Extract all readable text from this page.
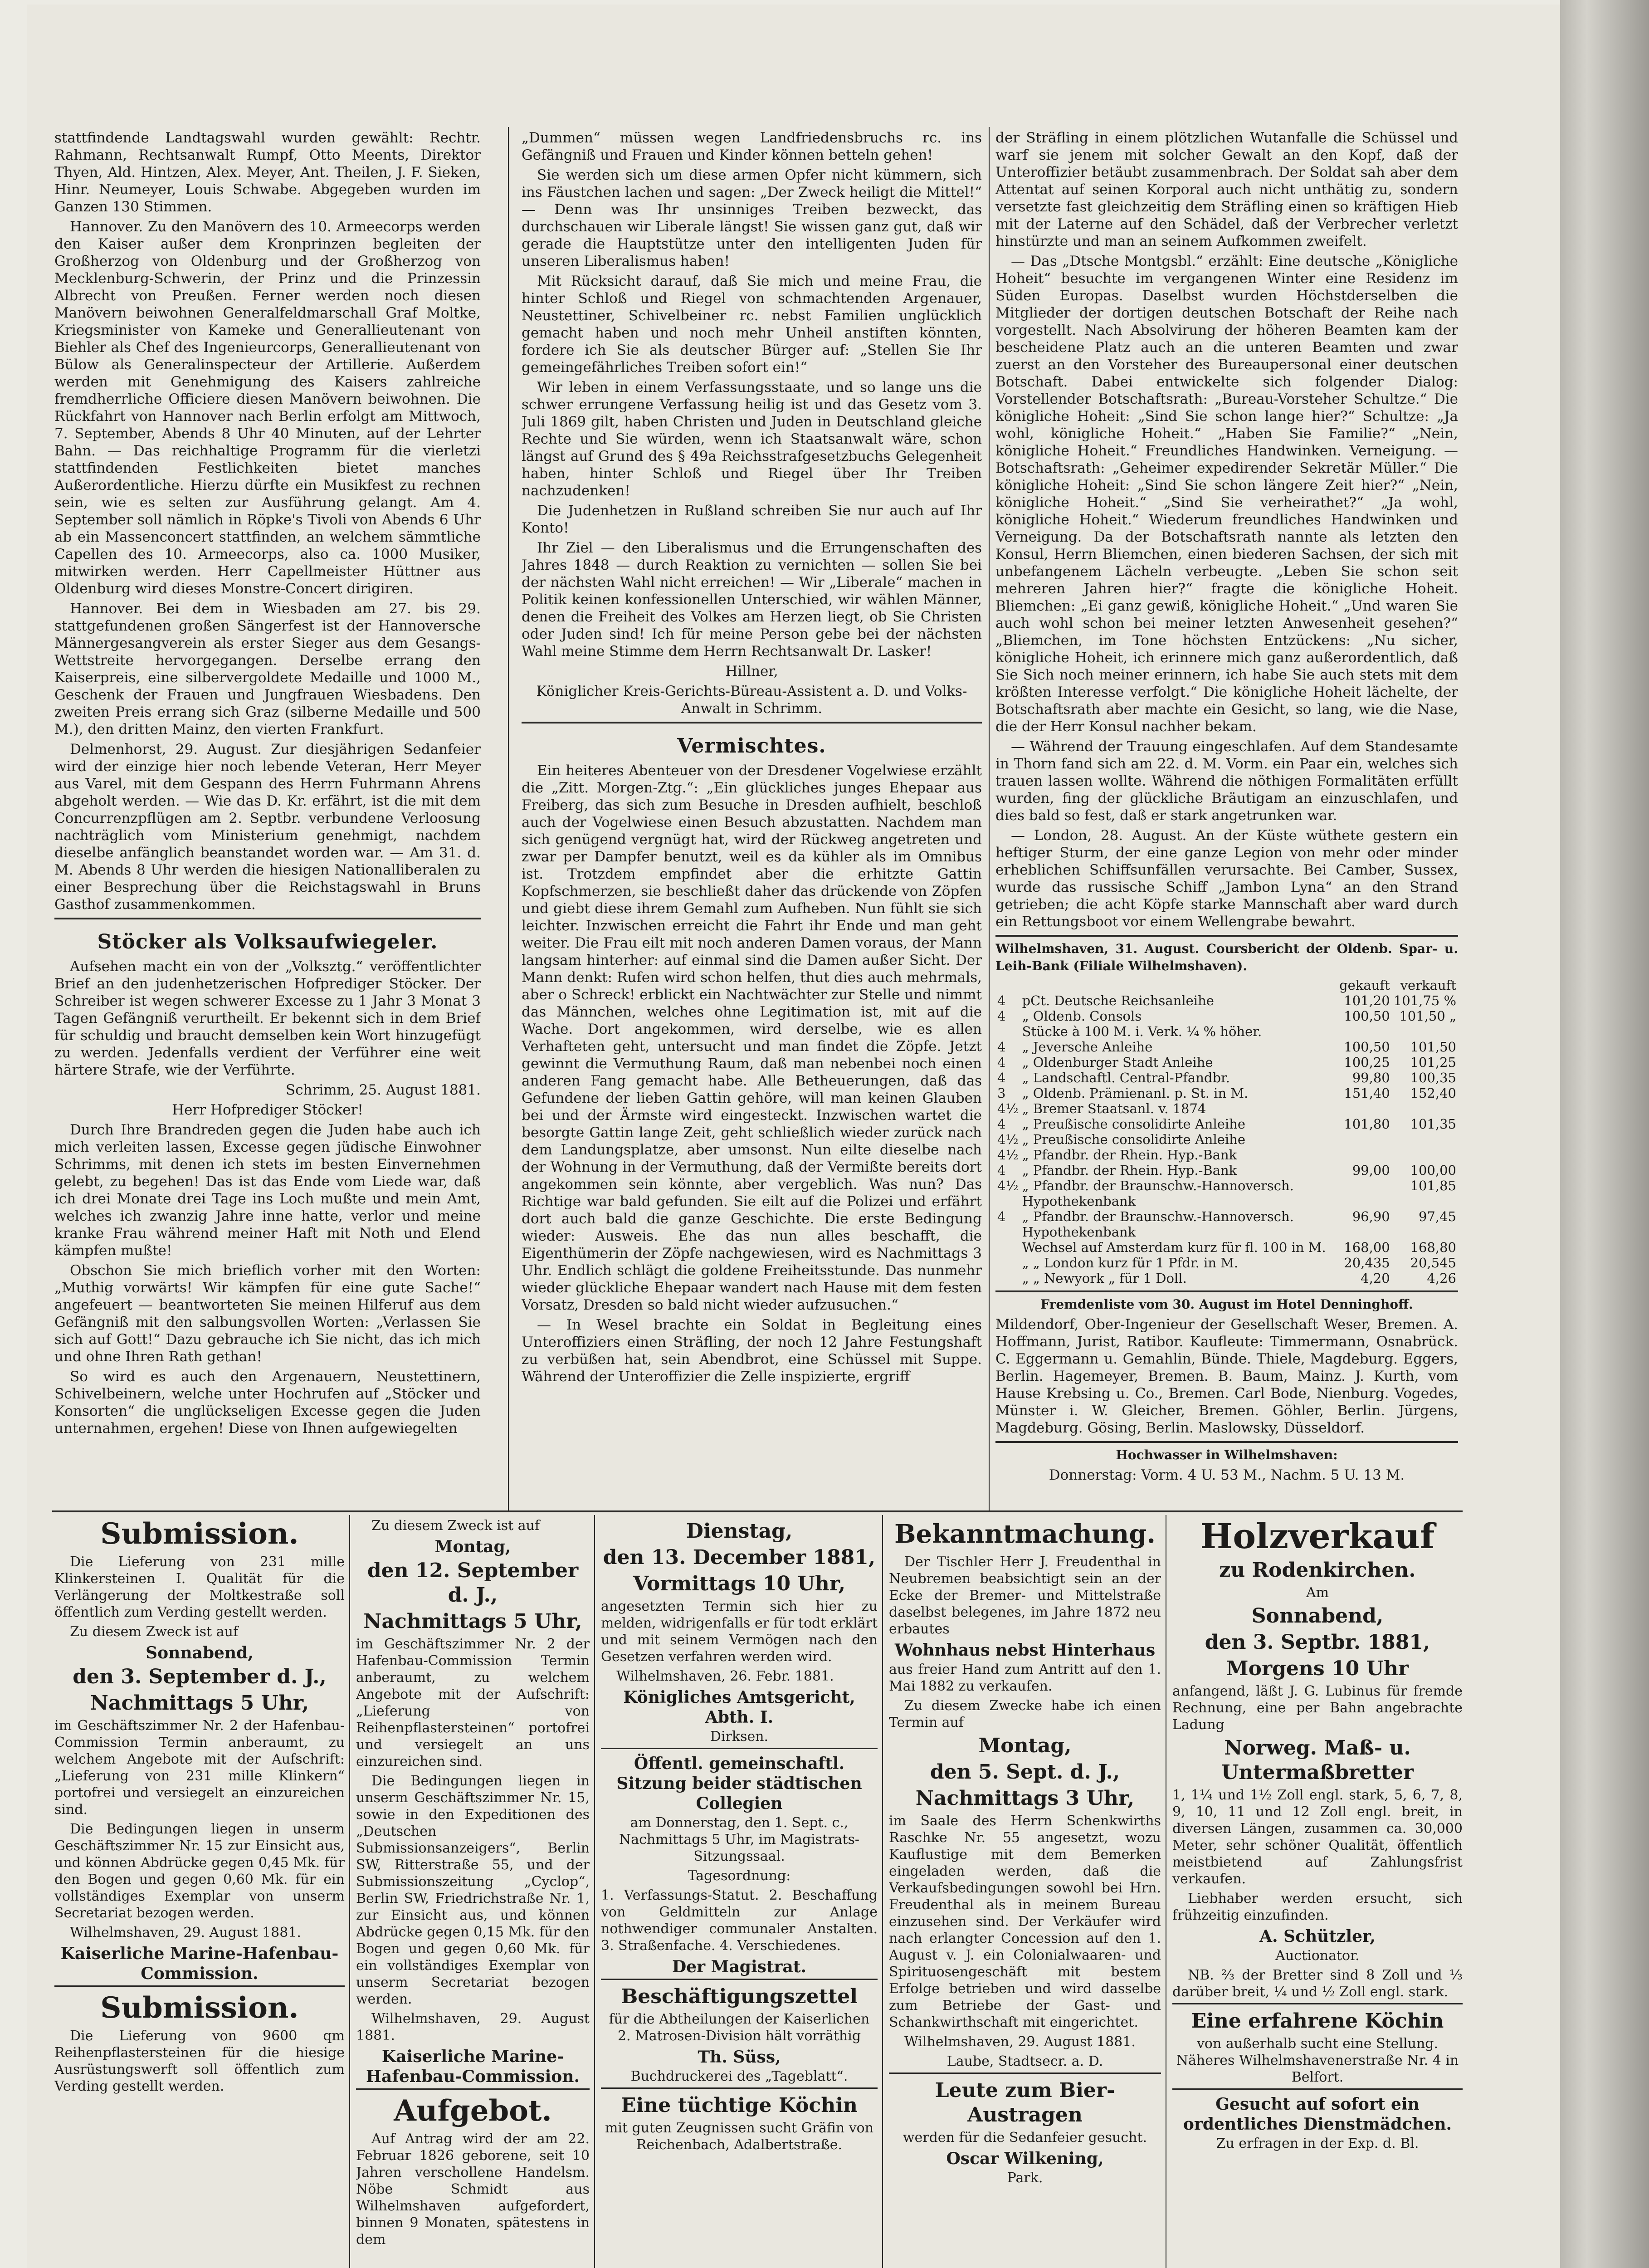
stattfindende Landtagswahl wurden gewählt: Rechtr. Rahmann, Rechtsanwalt Rumpf, Otto Meents, Direktor Thyen, Ald. Hintzen, Alex. Meyer, Ant. Theilen, J. F. Sieken, Hinr. Neumeyer, Louis Schwabe. Abgegeben wurden im Ganzen 130 Stimmen.

Hannover. Zu den Manövern des 10. Armeecorps werden den Kaiser außer dem Kronprinzen begleiten der Großherzog von Oldenburg und der Großherzog von Mecklenburg-Schwerin, der Prinz und die Prinzessin Albrecht von Preußen. Ferner werden noch diesen Manövern beiwohnen Generalfeldmarschall Graf Moltke, Kriegsminister von Kameke und Generallieutenant von Biehler als Chef des Ingenieurcorps, Generallieutenant von Bülow als Generalinspecteur der Artillerie. Außerdem werden mit Genehmigung des Kaisers zahlreiche fremdherrliche Officiere diesen Manövern beiwohnen. Die Rückfahrt von Hannover nach Berlin erfolgt am Mittwoch, 7. September, Abends 8 Uhr 40 Minuten, auf der Lehrter Bahn. — Das reichhaltige Programm für die vierletzi stattfindenden Festlichkeiten bietet manches Außerordentliche. Hierzu dürfte ein Musikfest zu rechnen sein, wie es selten zur Ausführung gelangt. Am 4. September soll nämlich in Röpke's Tivoli von Abends 6 Uhr ab ein Massenconcert stattfinden, an welchem sämmtliche Capellen des 10. Armeecorps, also ca. 1000 Musiker, mitwirken werden. Herr Capellmeister Hüttner aus Oldenburg wird dieses Monstre-Concert dirigiren.

Hannover. Bei dem in Wiesbaden am 27. bis 29. stattgefundenen großen Sängerfest ist der Hannoversche Männergesangverein als erster Sieger aus dem Gesangs-Wettstreite hervorgegangen. Derselbe errang den Kaiserpreis, eine silbervergoldete Medaille und 1000 M., Geschenk der Frauen und Jungfrauen Wiesbadens. Den zweiten Preis errang sich Graz (silberne Medaille und 500 M.), den dritten Mainz, den vierten Frankfurt.

Delmenhorst, 29. August. Zur diesjährigen Sedanfeier wird der einzige hier noch lebende Veteran, Herr Meyer aus Varel, mit dem Gespann des Herrn Fuhrmann Ahrens abgeholt werden. — Wie das D. Kr. erfährt, ist die mit dem Concurrenzpflügen am 2. Septbr. verbundene Verloosung nachträglich vom Ministerium genehmigt, nachdem dieselbe anfänglich beanstandet worden war. — Am 31. d. M. Abends 8 Uhr werden die hiesigen Nationalliberalen zu einer Besprechung über die Reichstagswahl in Bruns Gasthof zusammenkommen.

Stöcker als Volksaufwiegeler.

Aufsehen macht ein von der „Volksztg.“ veröffentlichter Brief an den judenhetzerischen Hofprediger Stöcker. Der Schreiber ist wegen schwerer Excesse zu 1 Jahr 3 Monat 3 Tagen Gefängniß verurtheilt. Er bekennt sich in dem Brief für schuldig und braucht demselben kein Wort hinzugefügt zu werden. Jedenfalls verdient der Verführer eine weit härtere Strafe, wie der Verführte.

Schrimm, 25. August 1881.

Herr Hofprediger Stöcker!

Durch Ihre Brandreden gegen die Juden habe auch ich mich verleiten lassen, Excesse gegen jüdische Einwohner Schrimms, mit denen ich stets im besten Einvernehmen gelebt, zu begehen! Das ist das Ende vom Liede war, daß ich drei Monate drei Tage ins Loch mußte und mein Amt, welches ich zwanzig Jahre inne hatte, verlor und meine kranke Frau während meiner Haft mit Noth und Elend kämpfen mußte!

Obschon Sie mich brieflich vorher mit den Worten: „Muthig vorwärts! Wir kämpfen für eine gute Sache!“ angefeuert — beantworteten Sie meinen Hilferuf aus dem Gefängniß mit den salbungsvollen Worten: „Verlassen Sie sich auf Gott!“ Dazu gebrauche ich Sie nicht, das ich mich und ohne Ihren Rath gethan!

So wird es auch den Argenauern, Neustettinern, Schivelbeinern, welche unter Hochrufen auf „Stöcker und Konsorten“ die unglückseligen Excesse gegen die Juden unternahmen, ergehen! Diese von Ihnen aufgewiegelten

„Dummen“ müssen wegen Landfriedensbruchs rc. ins Gefängniß und Frauen und Kinder können betteln gehen!

Sie werden sich um diese armen Opfer nicht kümmern, sich ins Fäustchen lachen und sagen: „Der Zweck heiligt die Mittel!“ — Denn was Ihr unsinniges Treiben bezweckt, das durchschauen wir Liberale längst! Sie wissen ganz gut, daß wir gerade die Hauptstütze unter den intelligenten Juden für unseren Liberalismus haben!

Mit Rücksicht darauf, daß Sie mich und meine Frau, die hinter Schloß und Riegel von schmachtenden Argenauer, Neustettiner, Schivelbeiner rc. nebst Familien unglücklich gemacht haben und noch mehr Unheil anstiften könnten, fordere ich Sie als deutscher Bürger auf: „Stellen Sie Ihr gemeingefährliches Treiben sofort ein!“

Wir leben in einem Verfassungsstaate, und so lange uns die schwer errungene Verfassung heilig ist und das Gesetz vom 3. Juli 1869 gilt, haben Christen und Juden in Deutschland gleiche Rechte und Sie würden, wenn ich Staatsanwalt wäre, schon längst auf Grund des § 49a Reichsstrafgesetzbuchs Gelegenheit haben, hinter Schloß und Riegel über Ihr Treiben nachzudenken!

Die Judenhetzen in Rußland schreiben Sie nur auch auf Ihr Konto!

Ihr Ziel — den Liberalismus und die Errungenschaften des Jahres 1848 — durch Reaktion zu vernichten — sollen Sie bei der nächsten Wahl nicht erreichen! — Wir „Liberale“ machen in Politik keinen konfessionellen Unterschied, wir wählen Männer, denen die Freiheit des Volkes am Herzen liegt, ob Sie Christen oder Juden sind! Ich für meine Person gebe bei der nächsten Wahl meine Stimme dem Herrn Rechtsanwalt Dr. Lasker!

Hillner,

Königlicher Kreis-Gerichts-Büreau-Assistent a. D. und Volks-Anwalt in Schrimm.

Vermischtes.

Ein heiteres Abenteuer von der Dresdener Vogelwiese erzählt die „Zitt. Morgen-Ztg.“: „Ein glückliches junges Ehepaar aus Freiberg, das sich zum Besuche in Dresden aufhielt, beschloß auch der Vogelwiese einen Besuch abzustatten. Nachdem man sich genügend vergnügt hat, wird der Rückweg angetreten und zwar per Dampfer benutzt, weil es da kühler als im Omnibus ist. Trotzdem empfindet aber die erhitzte Gattin Kopfschmerzen, sie beschließt daher das drückende von Zöpfen und giebt diese ihrem Gemahl zum Aufheben. Nun fühlt sie sich leichter. Inzwischen erreicht die Fahrt ihr Ende und man geht weiter. Die Frau eilt mit noch anderen Damen voraus, der Mann langsam hinterher: auf einmal sind die Damen außer Sicht. Der Mann denkt: Rufen wird schon helfen, thut dies auch mehrmals, aber o Schreck! erblickt ein Nachtwächter zur Stelle und nimmt das Männchen, welches ohne Legitimation ist, mit auf die Wache. Dort angekommen, wird derselbe, wie es allen Verhafteten geht, untersucht und man findet die Zöpfe. Jetzt gewinnt die Vermuthung Raum, daß man nebenbei noch einen anderen Fang gemacht habe. Alle Betheuerungen, daß das Gefundene der lieben Gattin gehöre, will man keinen Glauben bei und der Ärmste wird eingesteckt. Inzwischen wartet die besorgte Gattin lange Zeit, geht schließlich wieder zurück nach dem Landungsplatze, aber umsonst. Nun eilte dieselbe nach der Wohnung in der Vermuthung, daß der Vermißte bereits dort angekommen sein könnte, aber vergeblich. Was nun? Das Richtige war bald gefunden. Sie eilt auf die Polizei und erfährt dort auch bald die ganze Geschichte. Die erste Bedingung wieder: Ausweis. Ehe das nun alles beschafft, die Eigenthümerin der Zöpfe nachgewiesen, wird es Nachmittags 3 Uhr. Endlich schlägt die goldene Freiheitsstunde. Das nunmehr wieder glückliche Ehepaar wandert nach Hause mit dem festen Vorsatz, Dresden so bald nicht wieder aufzusuchen.“

— In Wesel brachte ein Soldat in Begleitung eines Unteroffiziers einen Sträfling, der noch 12 Jahre Festungshaft zu verbüßen hat, sein Abendbrot, eine Schüssel mit Suppe. Während der Unteroffizier die Zelle inspizierte, ergriff

der Sträfling in einem plötzlichen Wutanfalle die Schüssel und warf sie jenem mit solcher Gewalt an den Kopf, daß der Unteroffizier betäubt zusammenbrach. Der Soldat sah aber dem Attentat auf seinen Korporal auch nicht unthätig zu, sondern versetzte fast gleichzeitig dem Sträfling einen so kräftigen Hieb mit der Laterne auf den Schädel, daß der Verbrecher verletzt hinstürzte und man an seinem Aufkommen zweifelt.

— Das „Dtsche Montgsbl.“ erzählt: Eine deutsche „Königliche Hoheit“ besuchte im vergangenen Winter eine Residenz im Süden Europas. Daselbst wurden Höchstderselben die Mitglieder der dortigen deutschen Botschaft der Reihe nach vorgestellt. Nach Absolvirung der höheren Beamten kam der bescheidene Platz auch an die unteren Beamten und zwar zuerst an den Vorsteher des Bureaupersonal einer deutschen Botschaft. Dabei entwickelte sich folgender Dialog: Vorstellender Botschaftsrath: „Bureau-Vorsteher Schultze.“ Die königliche Hoheit: „Sind Sie schon lange hier?“ Schultze: „Ja wohl, königliche Hoheit.“ „Haben Sie Familie?“ „Nein, königliche Hoheit.“ Freundliches Handwinken. Verneigung. — Botschaftsrath: „Geheimer expedirender Sekretär Müller.“ Die königliche Hoheit: „Sind Sie schon längere Zeit hier?“ „Nein, königliche Hoheit.“ „Sind Sie verheirathet?“ „Ja wohl, königliche Hoheit.“ Wiederum freundliches Handwinken und Verneigung. Da der Botschaftsrath nannte als letzten den Konsul, Herrn Bliemchen, einen biederen Sachsen, der sich mit unbefangenem Lächeln verbeugte. „Leben Sie schon seit mehreren Jahren hier?“ fragte die königliche Hoheit. Bliemchen: „Ei ganz gewiß, königliche Hoheit.“ „Und waren Sie auch wohl schon bei meiner letzten Anwesenheit gesehen?“ „Bliemchen, im Tone höchsten Entzückens: „Nu sicher, königliche Hoheit, ich erinnere mich ganz außerordentlich, daß Sie Sich noch meiner erinnern, ich habe Sie auch stets mit dem krößten Interesse verfolgt.“ Die königliche Hoheit lächelte, der Botschaftsrath aber machte ein Gesicht, so lang, wie die Nase, die der Herr Konsul nachher bekam.

— Während der Trauung eingeschlafen. Auf dem Standesamte in Thorn fand sich am 22. d. M. Vorm. ein Paar ein, welches sich trauen lassen wollte. Während die nöthigen Formalitäten erfüllt wurden, fing der glückliche Bräutigam an einzuschlafen, und dies bald so fest, daß er stark angetrunken war.

— London, 28. August. An der Küste wüthete gestern ein heftiger Sturm, der eine ganze Legion von mehr oder minder erheblichen Schiffsunfällen verursachte. Bei Camber, Sussex, wurde das russische Schiff „Jambon Lyna“ an den Strand getrieben; die acht Köpfe starke Mannschaft aber ward durch ein Rettungsboot vor einem Wellengrabe bewahrt.

Wilhelmshaven, 31. August. Coursbericht der Oldenb. Spar- u. Leih-Bank (Filiale Wilhelmshaven).

		gekauft	verkauft
4	pCt. Deutsche Reichsanleihe	101,20	101,75 %
4	„ Oldenb. Consols	100,50	101,50 „
	Stücke à 100 M. i. Verk. ¼ % höher.		
4	„ Jeversche Anleihe	100,50	101,50
4	„ Oldenburger Stadt Anleihe	100,25	101,25
4	„ Landschaftl. Central-Pfandbr.	99,80	100,35
3	„ Oldenb. Prämienanl. p. St. in M.	151,40	152,40
4½	„ Bremer Staatsanl. v. 1874		
4	„ Preußische consolidirte Anleihe	101,80	101,35
4½	„ Preußische consolidirte Anleihe		
4½	„ Pfandbr. der Rhein. Hyp.-Bank		
4	„ Pfandbr. der Rhein. Hyp.-Bank	99,00	100,00
4½	„ Pfandbr. der Braunschw.-Hannoversch. Hypothekenbank		101,85
4	„ Pfandbr. der Braunschw.-Hannoversch. Hypothekenbank	96,90	97,45
	Wechsel auf Amsterdam kurz für fl. 100 in M.	168,00	168,80
	„ „ London kurz für 1 Pfdr. in M.	20,435	20,545
	„ „ Newyork „ für 1 Doll.	4,20	4,26

Fremdenliste vom 30. August im Hotel Denninghoff.

Mildendorf, Ober-Ingenieur der Gesellschaft Weser, Bremen. A. Hoffmann, Jurist, Ratibor. Kaufleute: Timmermann, Osnabrück. C. Eggermann u. Gemahlin, Bünde. Thiele, Magdeburg. Eggers, Berlin. Hagemeyer, Bremen. B. Baum, Mainz. J. Kurth, vom Hause Krebsing u. Co., Bremen. Carl Bode, Nienburg. Vogedes, Münster i. W. Gleicher, Bremen. Göhler, Berlin. Jürgens, Magdeburg. Gösing, Berlin. Maslowsky, Düsseldorf.

Hochwasser in Wilhelmshaven:

Donnerstag: Vorm. 4 U. 53 M., Nachm. 5 U. 13 M.

Submission.

Die Lieferung von 231 mille Klinkersteinen I. Qualität für die Verlängerung der Moltkestraße soll öffentlich zum Verding gestellt werden.

Zu diesem Zweck ist auf

Sonnabend,
den 3. September d. J.,
Nachmittags 5 Uhr,

im Geschäftszimmer Nr. 2 der Hafenbau-Commission Termin anberaumt, zu welchem Angebote mit der Aufschrift: „Lieferung von 231 mille Klinkern“ portofrei und versiegelt an einzureichen sind.

Die Bedingungen liegen in unserm Geschäftszimmer Nr. 15 zur Einsicht aus, und können Abdrücke gegen 0,45 Mk. für den Bogen und gegen 0,60 Mk. für ein vollständiges Exemplar von unserm Secretariat bezogen werden.

Wilhelmshaven, 29. August 1881.

Kaiserliche Marine-Hafenbau-Commission.
Submission.

Die Lieferung von 9600 qm Reihenpflastersteinen für die hiesige Ausrüstungswerft soll öffentlich zum Verding gestellt werden.

Zu diesem Zweck ist auf

Montag,
den 12. September d. J.,
Nachmittags 5 Uhr,

im Geschäftszimmer Nr. 2 der Hafenbau-Commission Termin anberaumt, zu welchem Angebote mit der Aufschrift: „Lieferung von Reihenpflastersteinen“ portofrei und versiegelt an uns einzureichen sind.

Die Bedingungen liegen in unserm Geschäftszimmer Nr. 15, sowie in den Expeditionen des „Deutschen Submissionsanzeigers“, Berlin SW, Ritterstraße 55, und der Submissionszeitung „Cyclop“, Berlin SW, Friedrichstraße Nr. 1, zur Einsicht aus, und können Abdrücke gegen 0,15 Mk. für den Bogen und gegen 0,60 Mk. für ein vollständiges Exemplar von unserm Secretariat bezogen werden.

Wilhelmshaven, 29. August 1881.

Kaiserliche Marine-Hafenbau-Commission.
Aufgebot.

Auf Antrag wird der am 22. Februar 1826 geborene, seit 10 Jahren verschollene Handelsm. Nöbe Schmidt aus Wilhelmshaven aufgefordert, binnen 9 Monaten, spätestens in dem

Dienstag,
den 13. December 1881,
Vormittags 10 Uhr,

angesetzten Termin sich hier zu melden, widrigenfalls er für todt erklärt und mit seinem Vermögen nach den Gesetzen verfahren werden wird.

Wilhelmshaven, 26. Febr. 1881.

Königliches Amtsgericht, Abth. I.

Dirksen.

Öffentl. gemeinschaftl. Sitzung beider städtischen Collegien

am Donnerstag, den 1. Sept. c., Nachmittags 5 Uhr, im Magistrats-Sitzungssaal.

Tagesordnung:

1. Verfassungs-Statut. 2. Beschaffung von Geldmitteln zur Anlage nothwendiger communaler Anstalten. 3. Straßenfache. 4. Verschiedenes.

Der Magistrat.
Beschäftigungszettel

für die Abtheilungen der Kaiserlichen 2. Matrosen-Division hält vorräthig

Th. Süss,

Buchdruckerei des „Tageblatt“.

Eine tüchtige Köchin

mit guten Zeugnissen sucht Gräfin von Reichenbach, Adalbertstraße.

Bekanntmachung.

Der Tischler Herr J. Freudenthal in Neubremen beabsichtigt sein an der Ecke der Bremer- und Mittelstraße daselbst belegenes, im Jahre 1872 neu erbautes

Wohnhaus nebst Hinterhaus

aus freier Hand zum Antritt auf den 1. Mai 1882 zu verkaufen.

Zu diesem Zwecke habe ich einen Termin auf

Montag,
den 5. Sept. d. J.,
Nachmittags 3 Uhr,

im Saale des Herrn Schenkwirths Raschke Nr. 55 angesetzt, wozu Kauflustige mit dem Bemerken eingeladen werden, daß die Verkaufsbedingungen sowohl bei Hrn. Freudenthal als in meinem Bureau einzusehen sind. Der Verkäufer wird nach erlangter Concession auf den 1. August v. J. ein Colonialwaaren- und Spirituosengeschäft mit bestem Erfolge betrieben und wird dasselbe zum Betriebe der Gast- und Schankwirthschaft mit eingerichtet.

Wilhelmshaven, 29. August 1881.

Laube, Stadtsecr. a. D.

Leute zum Bier-Austragen

werden für die Sedanfeier gesucht.

Oscar Wilkening,

Park.

Holzverkauf
zu Rodenkirchen.

Am

Sonnabend,
den 3. Septbr. 1881,
Morgens 10 Uhr

anfangend, läßt J. G. Lubinus für fremde Rechnung, eine per Bahn angebrachte Ladung

Norweg. Maß- u. Untermaßbretter

1, 1¼ und 1½ Zoll engl. stark, 5, 6, 7, 8, 9, 10, 11 und 12 Zoll engl. breit, in diversen Längen, zusammen ca. 30,000 Meter, sehr schöner Qualität, öffentlich meistbietend auf Zahlungsfrist verkaufen.

Liebhaber werden ersucht, sich frühzeitig einzufinden.

A. Schützler,

Auctionator.

NB. ⅔ der Bretter sind 8 Zoll und ⅓ darüber breit, ¼ und ½ Zoll engl. stark.

Eine erfahrene Köchin

von außerhalb sucht eine Stellung. Näheres Wilhelmshavenerstraße Nr. 4 in Belfort.

Gesucht auf sofort ein ordentliches Dienstmädchen.

Zu erfragen in der Exp. d. Bl.
